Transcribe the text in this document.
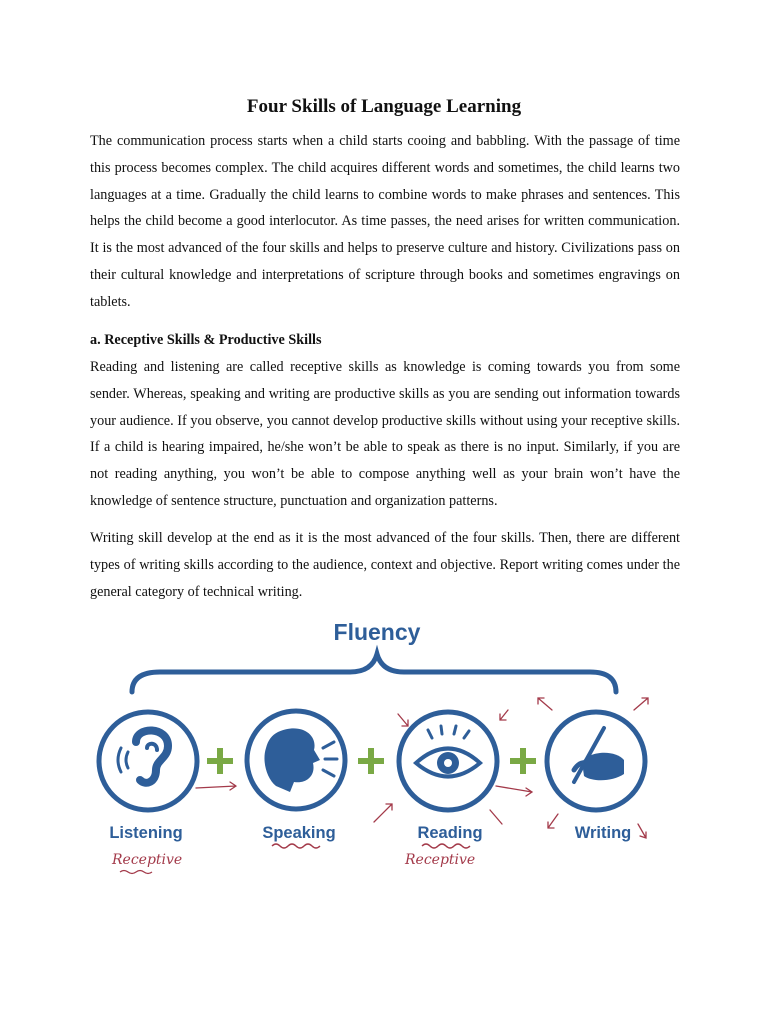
Four Skills of Language Learning

The communication process starts when a child starts cooing and babbling. With the passage of time this process becomes complex. The child acquires different words and sometimes, the child learns two languages at a time. Gradually the child learns to combine words to make phrases and sentences. This helps the child become a good interlocutor. As time passes, the need arises for written communication. It is the most advanced of the four skills and helps to preserve culture and history. Civilizations pass on their cultural knowledge and interpretations of scripture through books and sometimes engravings on tablets.

a. Receptive Skills & Productive Skills

Reading and listening are called receptive skills as knowledge is coming towards you from some sender. Whereas, speaking and writing are productive skills as you are sending out information towards your audience. If you observe, you cannot develop productive skills without using your receptive skills. If a child is hearing impaired, he/she won’t be able to speak as there is no input. Similarly, if you are not reading anything, you won’t be able to compose anything well as your brain won’t have the knowledge of sentence structure, punctuation and organization patterns.

Writing skill develop at the end as it is the most advanced of the four skills. Then, there are different types of writing skills according to the audience, context and objective. Report writing comes under the general category of technical writing.

Fluency
Listening	Speaking	Reading	Writing
Receptive	Receptive
